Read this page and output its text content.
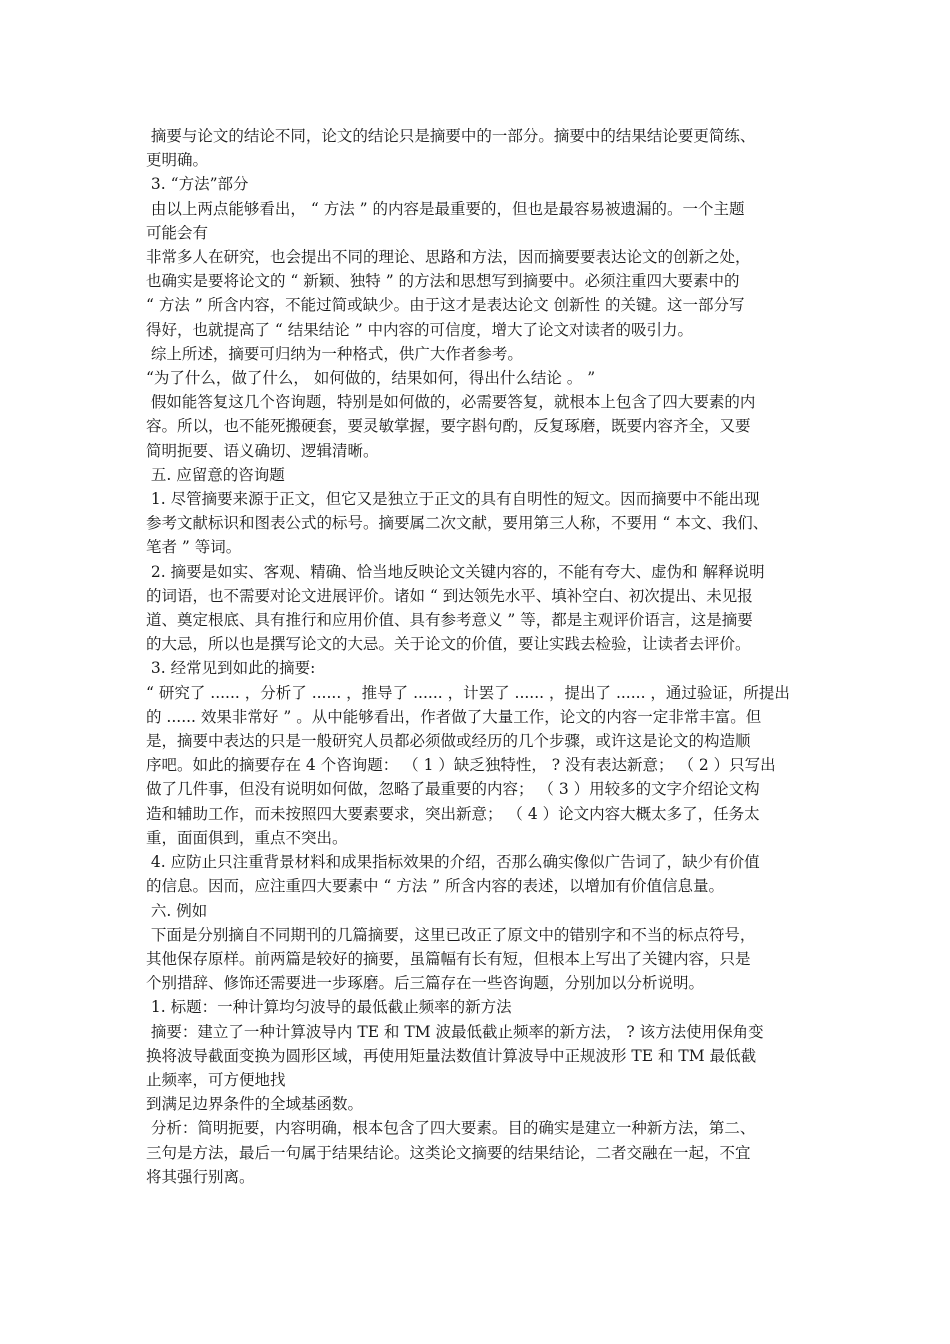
摘要与论文的结论不同，论文的结论只是摘要中的一部分。摘要中的结果结论要更简练、
更明确。
3. “方法”部分
由以上两点能够看出， “ 方法 ” 的内容是最重要的，但也是最容易被遗漏的。一个主题
可能会有
非常多人在研究，也会提出不同的理论、思路和方法，因而摘要要表达论文的创新之处，
也确实是要将论文的 “ 新颖、独特 ” 的方法和思想写到摘要中。必须注重四大要素中的
“ 方法 ” 所含内容，不能过简或缺少。由于这才是表达论文 创新性 的关键。这一部分写
得好，也就提高了 “ 结果结论 ” 中内容的可信度，增大了论文对读者的吸引力。
综上所述，摘要可归纳为一种格式，供广大作者参考。
“为了什么，做了什么， 如何做的，结果如何，得出什么结论 。 ”
假如能答复这几个咨询题，特别是如何做的，必需要答复，就根本上包含了四大要素的内
容。所以，也不能死搬硬套，要灵敏掌握，要字斟句酌，反复琢磨，既要内容齐全，又要
简明扼要、语义确切、逻辑清晰。
五. 应留意的咨询题
1. 尽管摘要来源于正文，但它又是独立于正文的具有自明性的短文。因而摘要中不能出现
参考文献标识和图表公式的标号。摘要属二次文献，要用第三人称，不要用 “ 本文、我们、
笔者 ” 等词。
2. 摘要是如实、客观、精确、恰当地反映论文关键内容的，不能有夸大、虚伪和 解释说明
的词语，也不需要对论文进展评价。诸如 “ 到达领先水平、填补空白、初次提出、未见报
道、奠定根底、具有推行和应用价值、具有参考意义 ” 等，都是主观评价语言，这是摘要
的大忌，所以也是撰写论文的大忌。关于论文的价值，要让实践去检验，让读者去评价。
3. 经常见到如此的摘要:
“ 研究了 ...... ，分析了 ...... ，推导了 ...... ，计罢了 ...... ，提出了 ...... ，通过验证，所提出
的 ...... 效果非常好 ” 。从中能够看出，作者做了大量工作，论文的内容一定非常丰富。但
是，摘要中表达的只是一般研究人员都必须做或经历的几个步骤，或许这是论文的构造顺
序吧。如此的摘要存在 4 个咨询题： （ 1 ）缺乏独特性， ? 没有表达新意； （ 2 ）只写出
做了几件事，但没有说明如何做，忽略了最重要的内容； （ 3 ）用较多的文字介绍论文构
造和辅助工作，而未按照四大要素要求，突出新意； （ 4 ）论文内容大概太多了，任务太
重，面面俱到，重点不突出。
4. 应防止只注重背景材料和成果指标效果的介绍，否那么确实像似广告词了，缺少有价值
的信息。因而，应注重四大要素中 “ 方法 ” 所含内容的表述，以增加有价值信息量。
六. 例如
下面是分别摘自不同期刊的几篇摘要，这里已改正了原文中的错别字和不当的标点符号，
其他保存原样。前两篇是较好的摘要，虽篇幅有长有短，但根本上写出了关键内容，只是
个别措辞、修饰还需要进一步琢磨。后三篇存在一些咨询题，分别加以分析说明。
1. 标题：一种计算均匀波导的最低截止频率的新方法
摘要：建立了一种计算波导内 TE 和 TM 波最低截止频率的新方法， ? 该方法使用保角变
换将波导截面变换为圆形区域，再使用矩量法数值计算波导中正规波形 TE 和 TM 最低截
止频率，可方便地找
到满足边界条件的全域基函数。
分析：简明扼要，内容明确，根本包含了四大要素。目的确实是建立一种新方法，第二、
三句是方法，最后一句属于结果结论。这类论文摘要的结果结论，二者交融在一起，不宜
将其强行别离。
